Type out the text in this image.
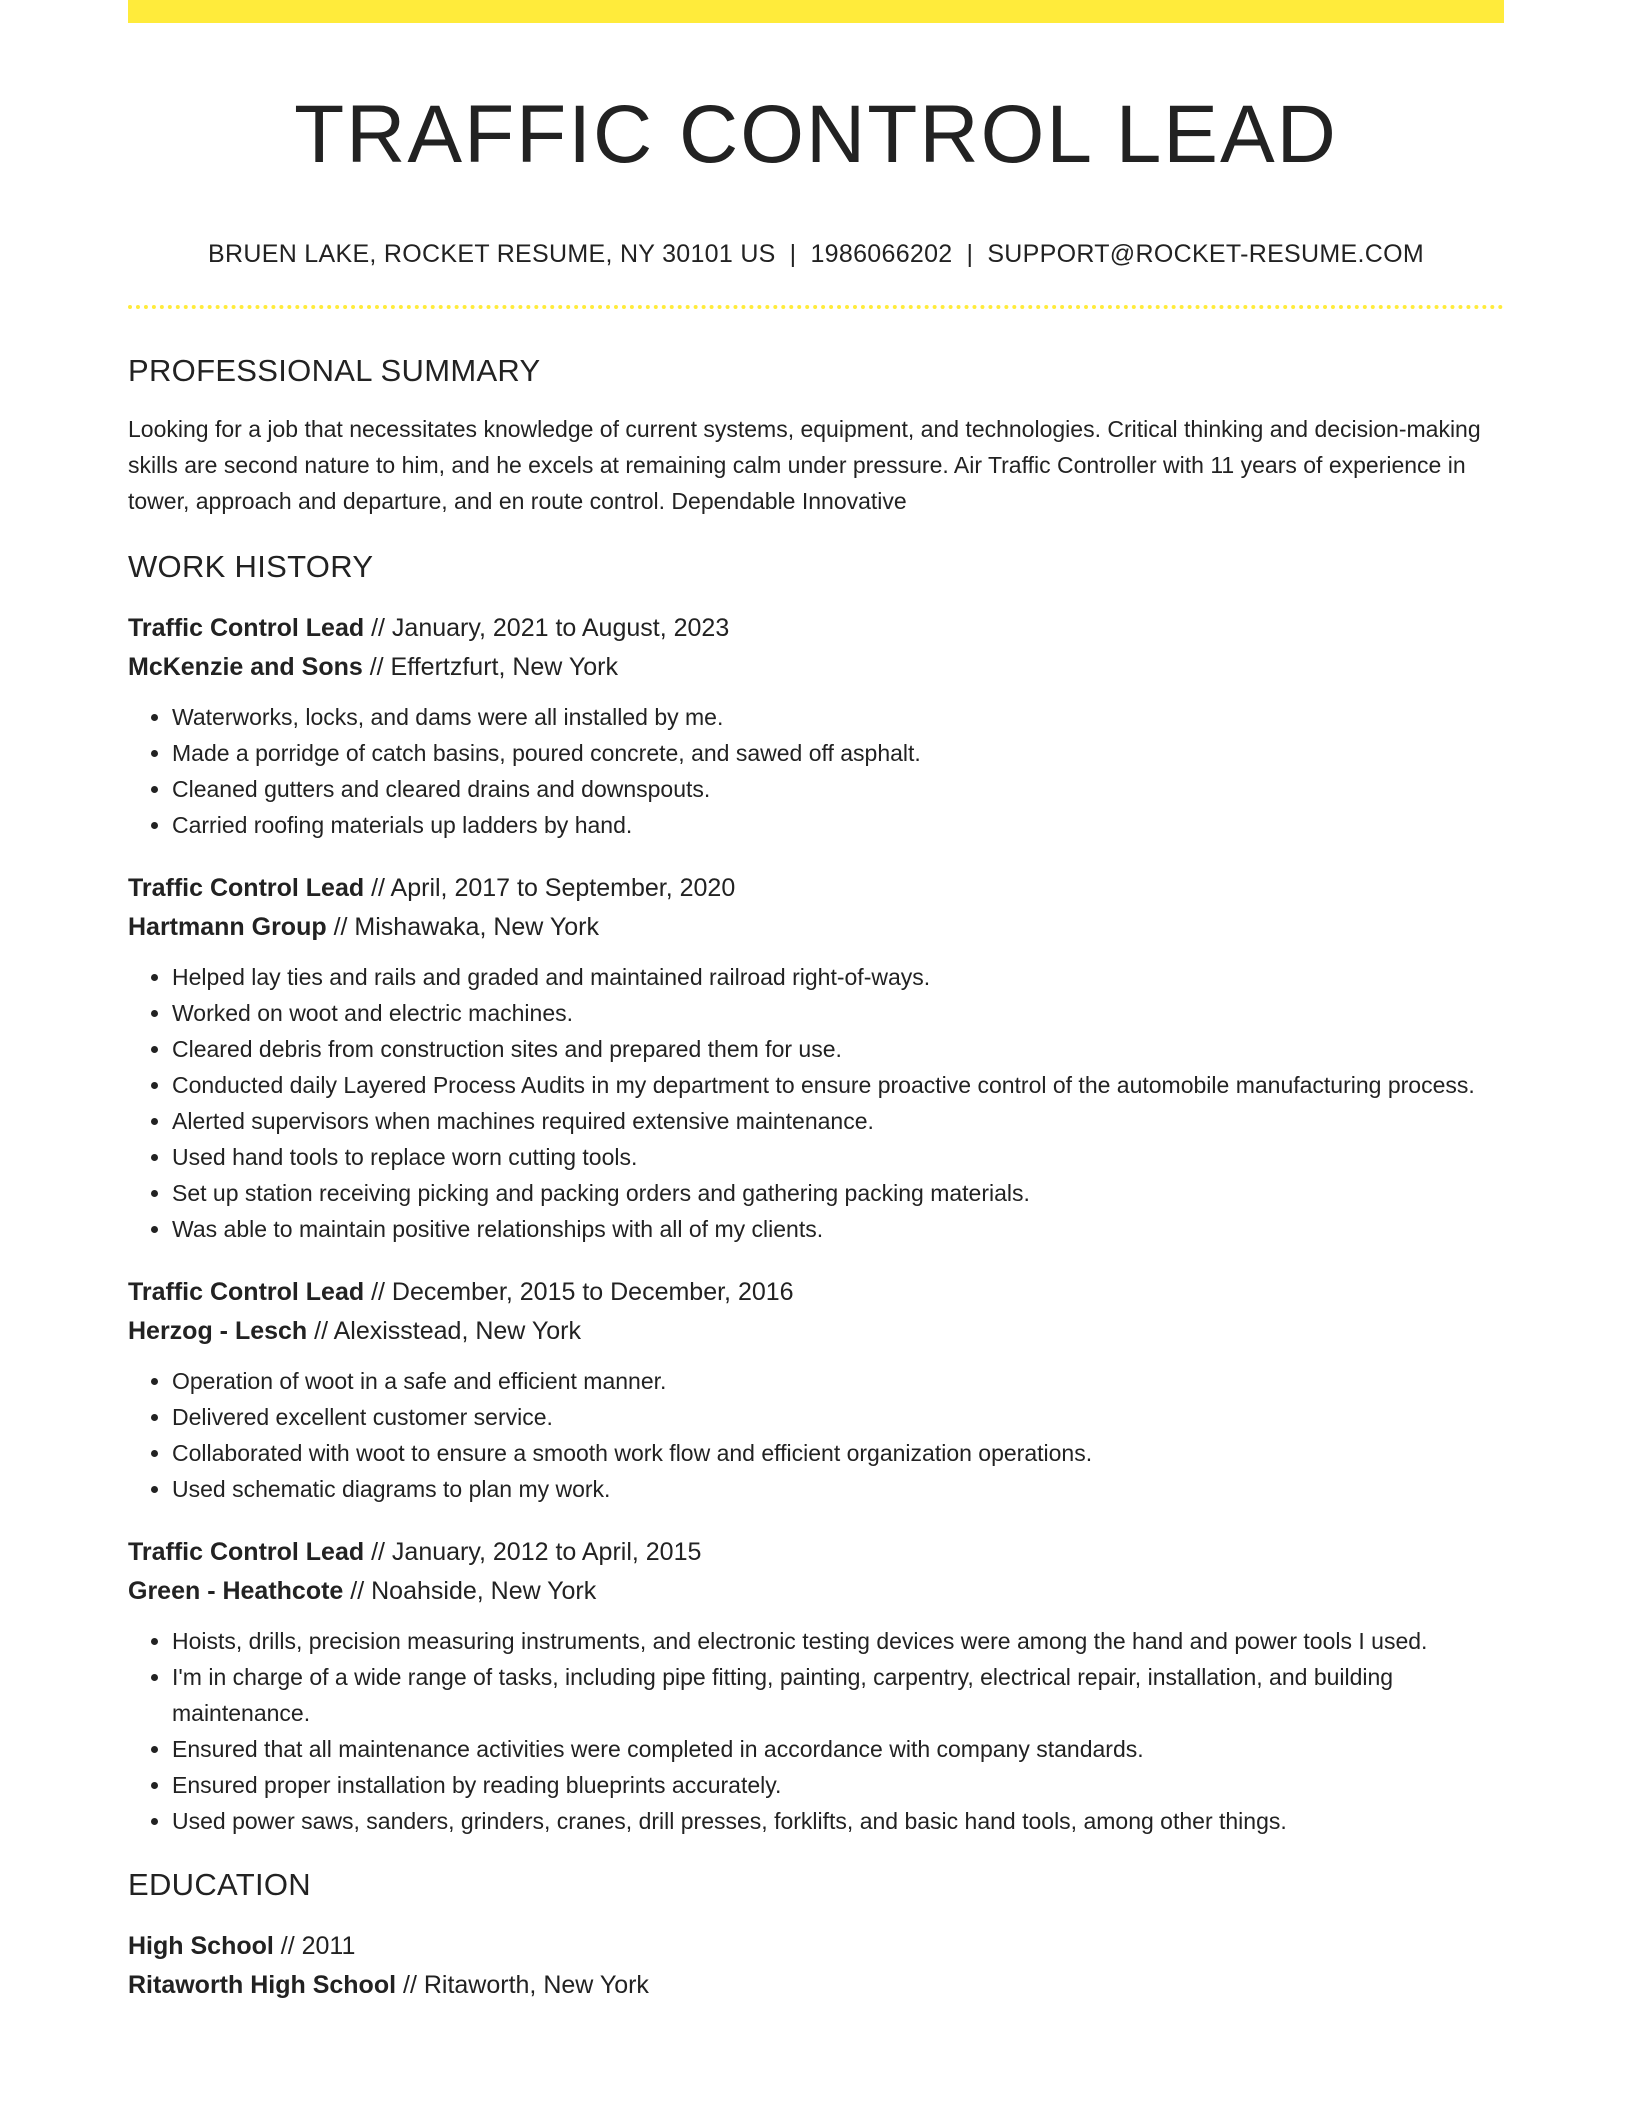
TRAFFIC CONTROL LEAD
BRUEN LAKE, ROCKET RESUME, NY 30101 US | 1986066202 | SUPPORT@ROCKET-RESUME.COM
PROFESSIONAL SUMMARY
Looking for a job that necessitates knowledge of current systems, equipment, and technologies. Critical thinking and decision-making skills are second nature to him, and he excels at remaining calm under pressure. Air Traffic Controller with 11 years of experience in tower, approach and departure, and en route control. Dependable Innovative
WORK HISTORY
Traffic Control Lead // January, 2021 to August, 2023
McKenzie and Sons // Effertzfurt, New York
• Waterworks, locks, and dams were all installed by me.
• Made a porridge of catch basins, poured concrete, and sawed off asphalt.
• Cleaned gutters and cleared drains and downspouts.
• Carried roofing materials up ladders by hand.
Traffic Control Lead // April, 2017 to September, 2020
Hartmann Group // Mishawaka, New York
• Helped lay ties and rails and graded and maintained railroad right-of-ways.
• Worked on woot and electric machines.
• Cleared debris from construction sites and prepared them for use.
• Conducted daily Layered Process Audits in my department to ensure proactive control of the automobile manufacturing process.
• Alerted supervisors when machines required extensive maintenance.
• Used hand tools to replace worn cutting tools.
• Set up station receiving picking and packing orders and gathering packing materials.
• Was able to maintain positive relationships with all of my clients.
Traffic Control Lead // December, 2015 to December, 2016
Herzog - Lesch // Alexisstead, New York
• Operation of woot in a safe and efficient manner.
• Delivered excellent customer service.
• Collaborated with woot to ensure a smooth work flow and efficient organization operations.
• Used schematic diagrams to plan my work.
Traffic Control Lead // January, 2012 to April, 2015
Green - Heathcote // Noahside, New York
• Hoists, drills, precision measuring instruments, and electronic testing devices were among the hand and power tools I used.
• I'm in charge of a wide range of tasks, including pipe fitting, painting, carpentry, electrical repair, installation, and building maintenance.
• Ensured that all maintenance activities were completed in accordance with company standards.
• Ensured proper installation by reading blueprints accurately.
• Used power saws, sanders, grinders, cranes, drill presses, forklifts, and basic hand tools, among other things.
EDUCATION
High School // 2011
Ritaworth High School // Ritaworth, New York
